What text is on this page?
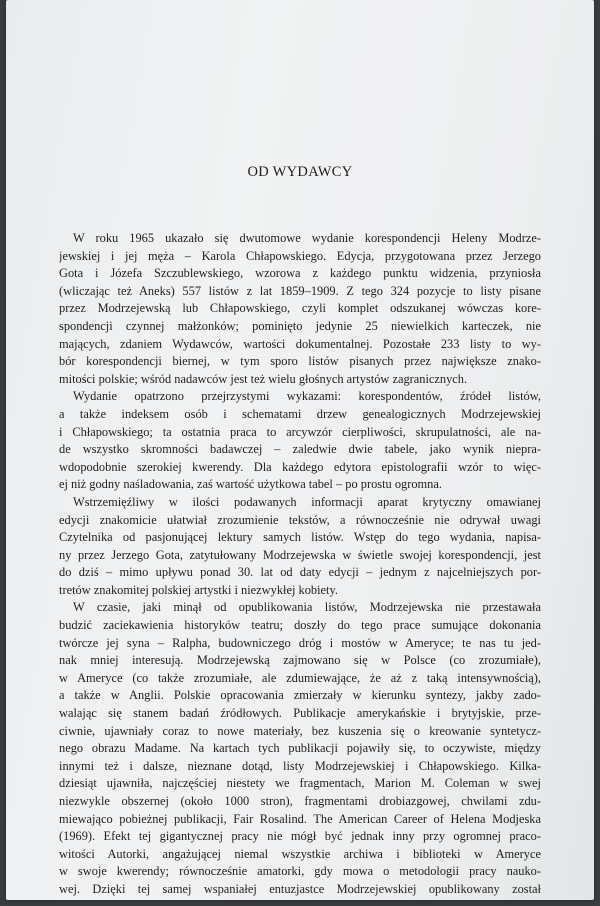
OD WYDAWCY

W roku 1965 ukazało się dwutomowe wydanie korespondencji Heleny Modrze-
jewskiej i jej męża – Karola Chłapowskiego. Edycja, przygotowana przez Jerzego
Gota i Józefa Szczublewskiego, wzorowa z każdego punktu widzenia, przyniosła
(wliczając też Aneks) 557 listów z lat 1859–1909. Z tego 324 pozycje to listy pisane
przez Modrzejewską lub Chłapowskiego, czyli komplet odszukanej wówczas kore-
spondencji czynnej małżonków; pominięto jedynie 25 niewielkich karteczek, nie
mających, zdaniem Wydawców, wartości dokumentalnej. Pozostałe 233 listy to wy-
bór korespondencji biernej, w tym sporo listów pisanych przez największe znako-
mitości polskie; wśród nadawców jest też wielu głośnych artystów zagranicznych.

Wydanie opatrzono przejrzystymi wykazami: korespondentów, źródeł listów,
a także indeksem osób i schematami drzew genealogicznych Modrzejewskiej
i Chłapowskiego; ta ostatnia praca to arcywzór cierpliwości, skrupulatności, ale na-
de wszystko skromności badawczej – zaledwie dwie tabele, jako wynik niepra-
wdopodobnie szerokiej kwerendy. Dla każdego edytora epistolografii wzór to więc-
ej niż godny naśladowania, zaś wartość użytkowa tabel – po prostu ogromna.

Wstrzemięźliwy w ilości podawanych informacji aparat krytyczny omawianej
edycji znakomicie ułatwiał zrozumienie tekstów, a równocześnie nie odrywał uwagi
Czytelnika od pasjonującej lektury samych listów. Wstęp do tego wydania, napisa-
ny przez Jerzego Gota, zatytułowany Modrzejewska w świetle swojej korespondencji, jest
do dziś – mimo upływu ponad 30. lat od daty edycji – jednym z najcelniejszych por-
tretów znakomitej polskiej artystki i niezwykłej kobiety.

W czasie, jaki minął od opublikowania listów, Modrzejewska nie przestawała
budzić zaciekawienia historyków teatru; doszły do tego prace sumujące dokonania
twórcze jej syna – Ralpha, budowniczego dróg i mostów w Ameryce; te nas tu jed-
nak mniej interesują. Modrzejewską zajmowano się w Polsce (co zrozumiałe),
w Ameryce (co także zrozumiałe, ale zdumiewające, że aż z taką intensywnością),
a także w Anglii. Polskie opracowania zmierzały w kierunku syntezy, jakby zado-
walając się stanem badań źródłowych. Publikacje amerykańskie i brytyjskie, prze-
ciwnie, ujawniały coraz to nowe materiały, bez kuszenia się o kreowanie syntetycz-
nego obrazu Madame. Na kartach tych publikacji pojawiły się, to oczywiste, między
innymi też i dalsze, nieznane dotąd, listy Modrzejewskiej i Chłapowskiego. Kilka-
dziesiąt ujawniła, najczęściej niestety we fragmentach, Marion M. Coleman w swej
niezwykle obszernej (około 1000 stron), fragmentami drobiazgowej, chwilami zdu-
miewająco pobieżnej publikacji, Fair Rosalind. The American Career of Helena Modjeska
(1969). Efekt tej gigantycznej pracy nie mógł być jednak inny przy ogromnej praco-
witości Autorki, angażującej niemal wszystkie archiwa i biblioteki w Ameryce
w swoje kwerendy; równocześnie amatorki, gdy mowa o metodologii pracy nauko-
wej. Dzięki tej samej wspaniałej entuzjastce Modrzejewskiej opublikowany został
